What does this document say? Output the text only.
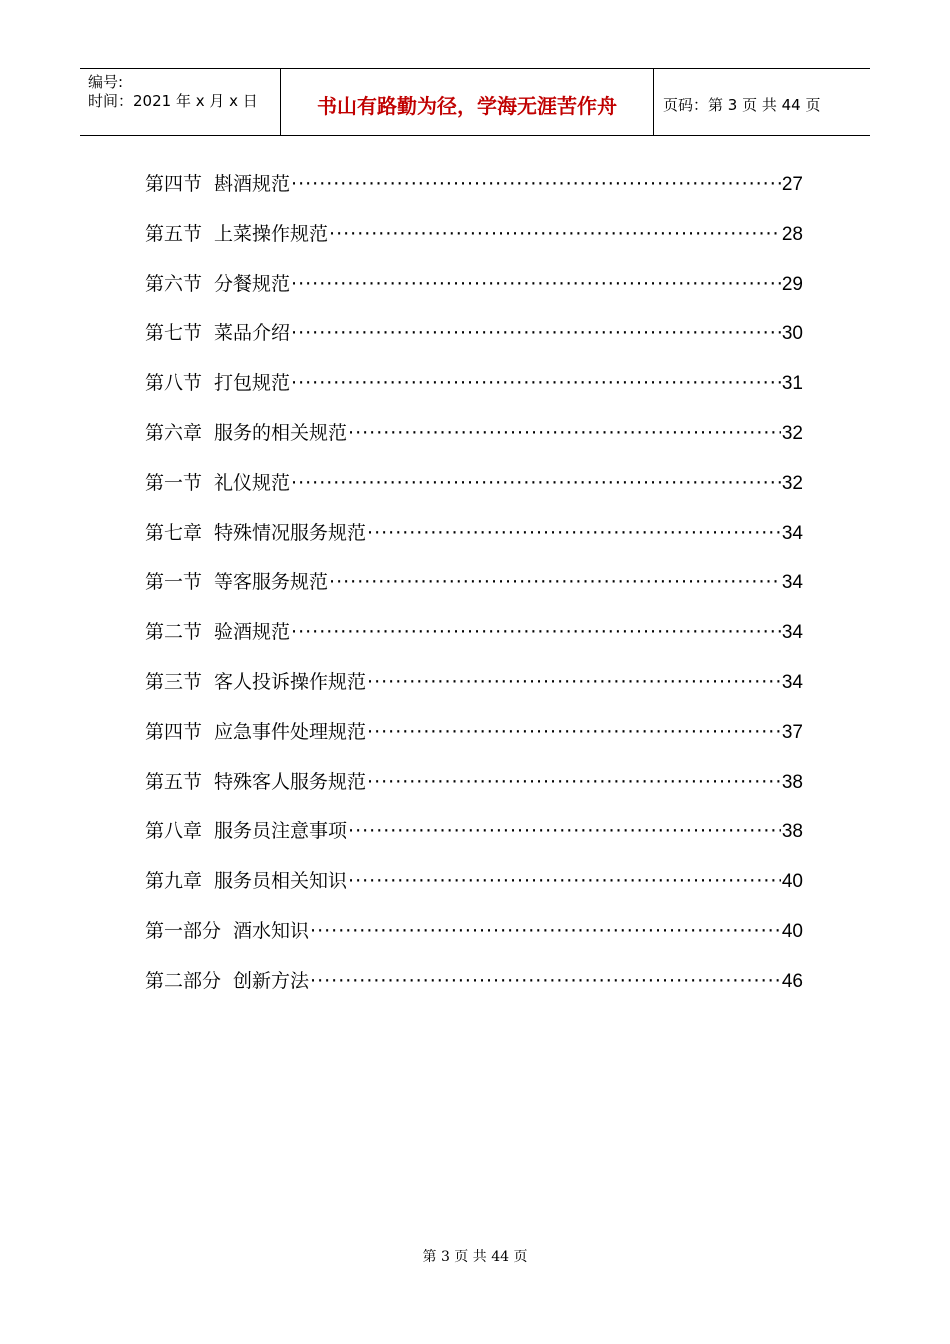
编号:
时间：2021 年 x 月 x 日	书山有路勤为径，学海无涯苦作舟	页码：第 3 页 共 44 页
第四节 斟酒规范 ·····	27
第五节 上菜操作规范 ·····	28
第六节 分餐规范 ·····	29
第七节 菜品介绍 ·····	30
第八节 打包规范 ·····	31
第六章 服务的相关规范 ·····	32
第一节 礼仪规范 ·····	32
第七章 特殊情况服务规范 ·····	34
第一节 等客服务规范 ·····	34
第二节 验酒规范 ·····	34
第三节 客人投诉操作规范 ·····	34
第四节 应急事件处理规范 ·····	37
第五节 特殊客人服务规范 ·····	38
第八章 服务员注意事项 ·····	38
第九章 服务员相关知识 ·····	40
第一部分 酒水知识 ·····	40
第二部分 创新方法 ·····	46
第 3 页 共 44 页
